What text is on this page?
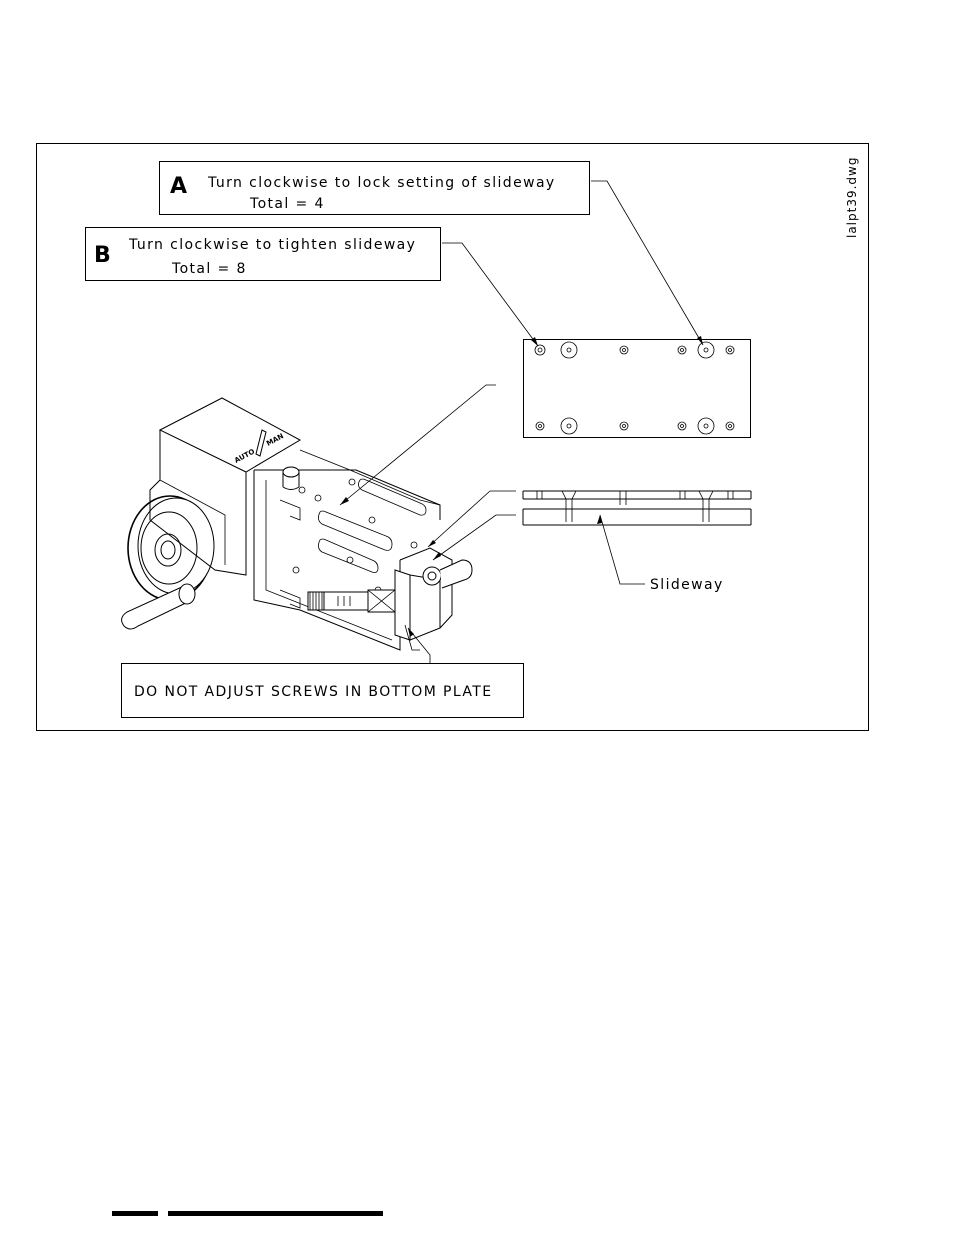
lalpt39.dwg
A Turn clockwise to lock setting of slideway
Total = 4
B Turn clockwise to tighten slideway
Total = 8
Slideway
AUTO
MAN
DO NOT ADJUST SCREWS IN BOTTOM PLATE
